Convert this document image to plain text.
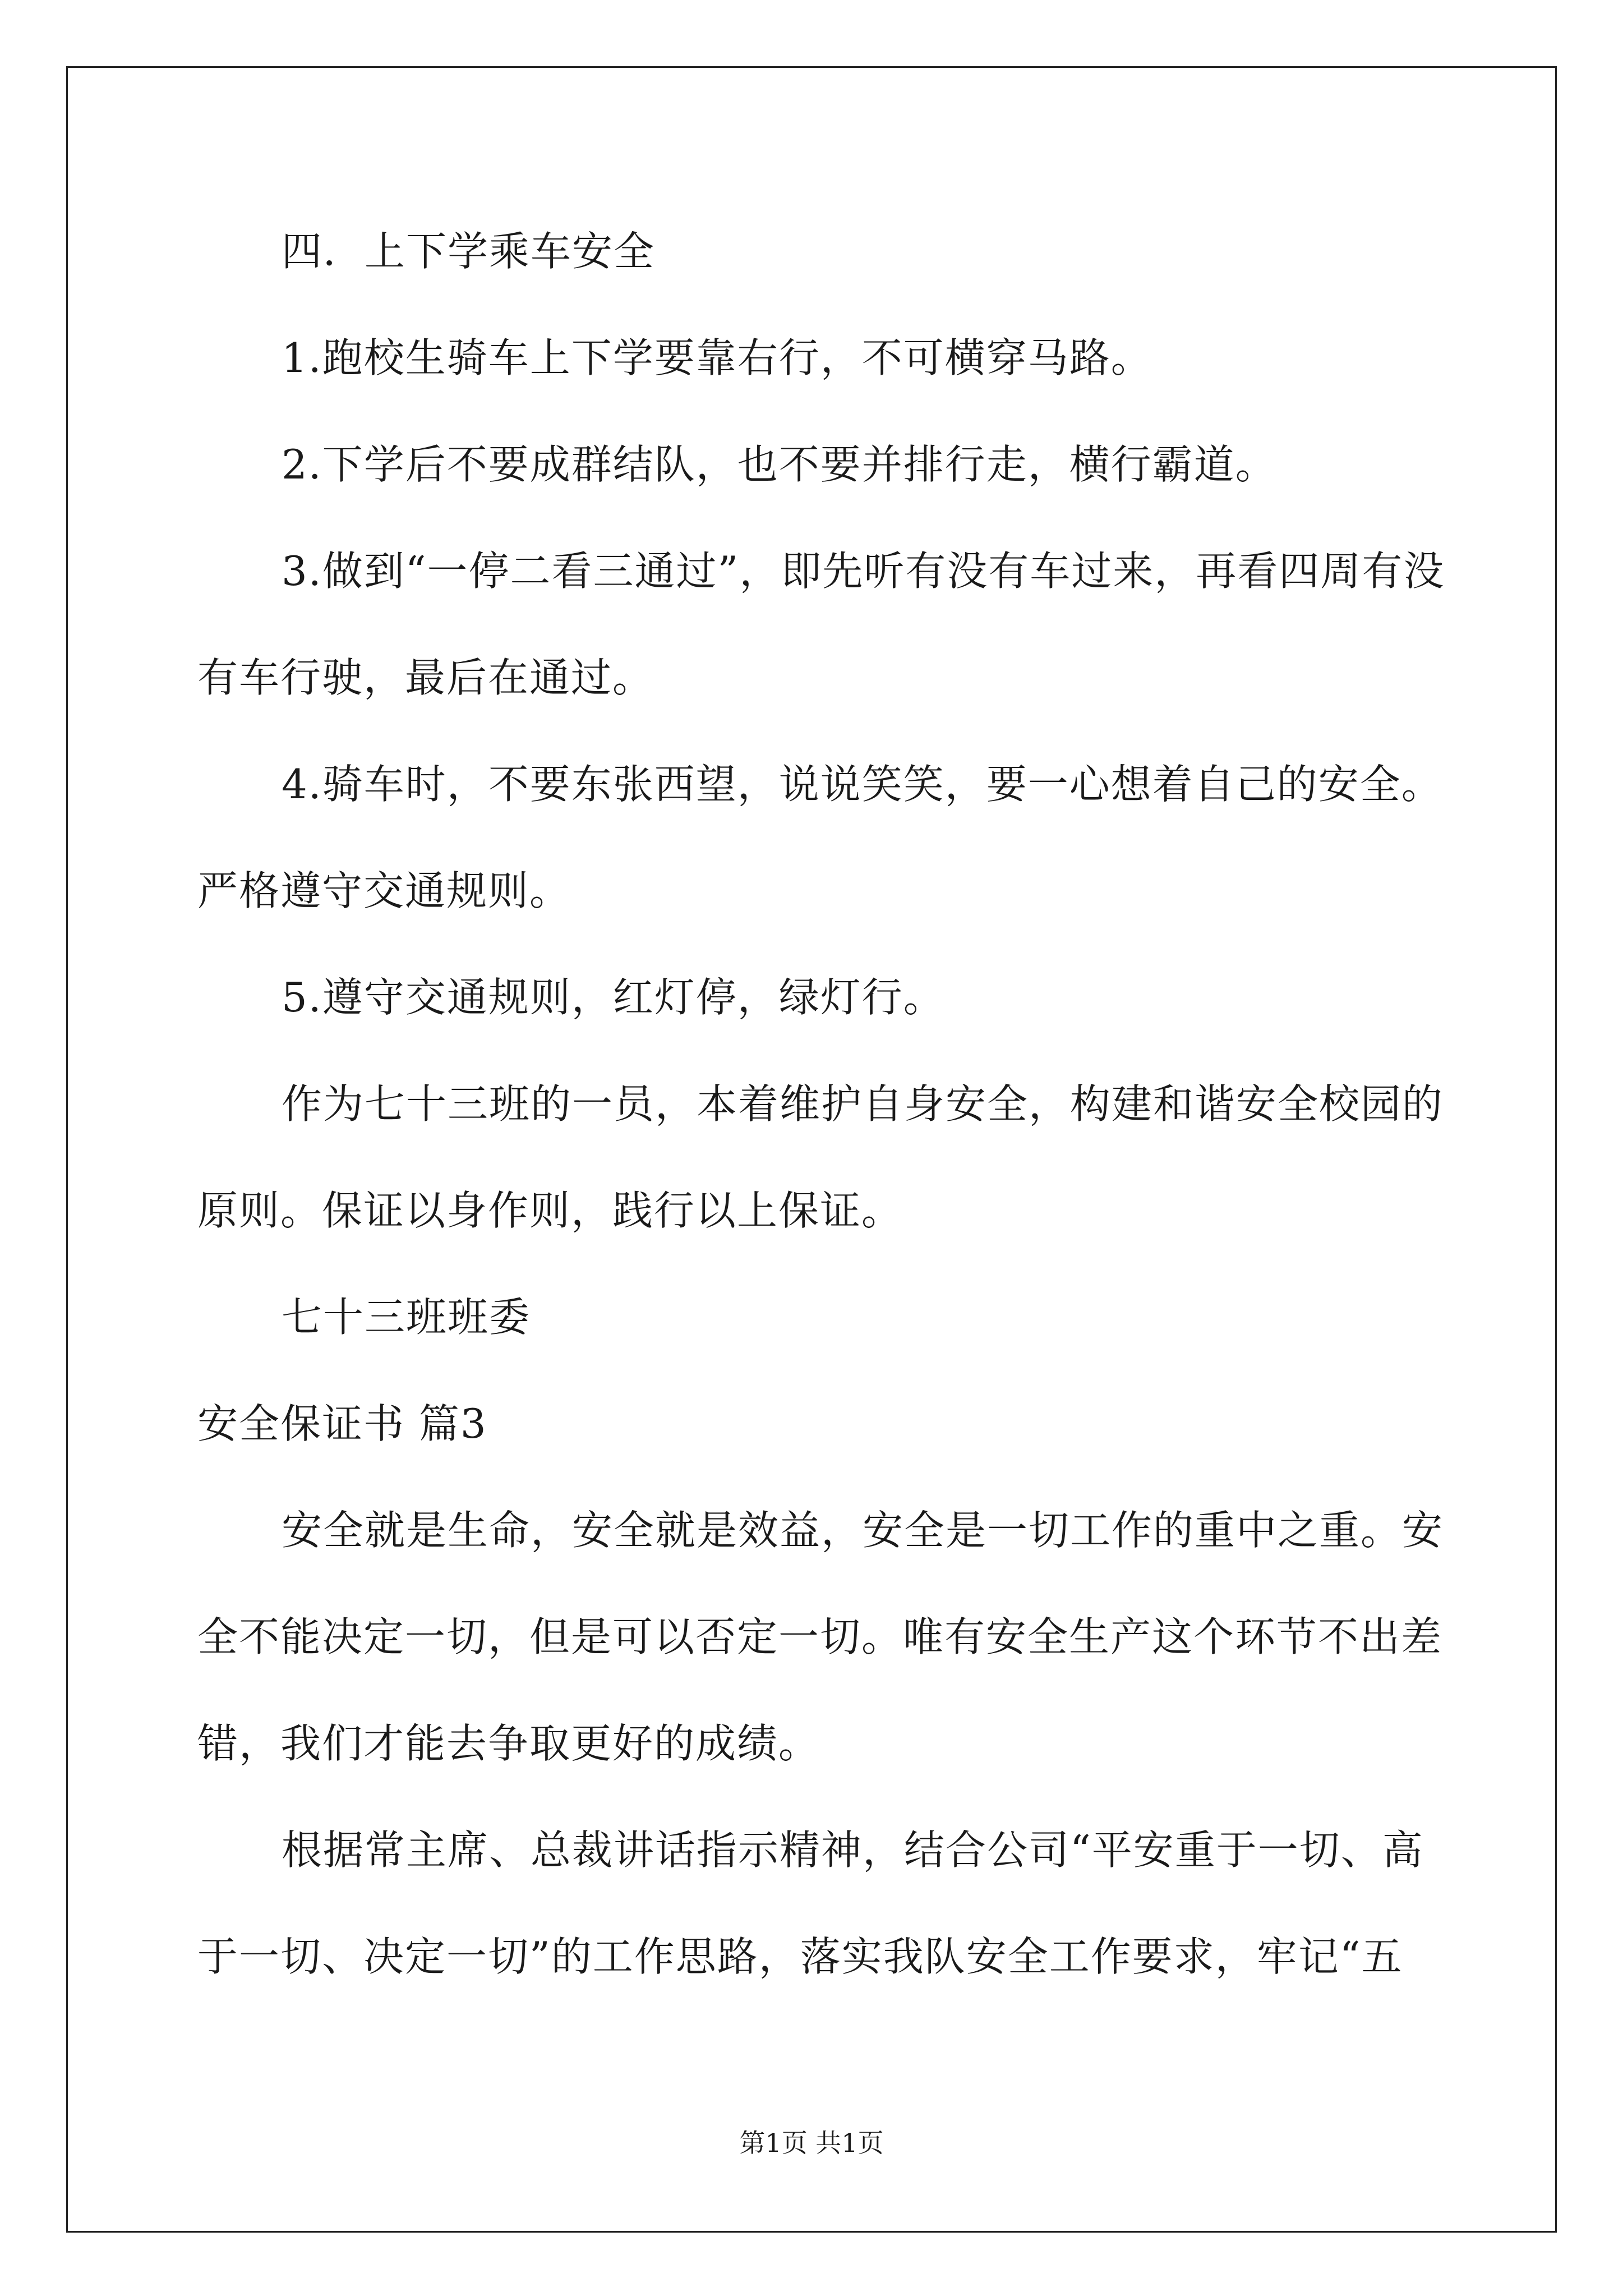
四．上下学乘车安全
1.跑校生骑车上下学要靠右行，不可横穿马路。
2.下学后不要成群结队，也不要并排行走，横行霸道。
3.做到“一停二看三通过”，即先听有没有车过来，再看四周有没
有车行驶，最后在通过。
4.骑车时，不要东张西望，说说笑笑，要一心想着自己的安全。
严格遵守交通规则。
5.遵守交通规则，红灯停，绿灯行。
作为七十三班的一员，本着维护自身安全，构建和谐安全校园的
原则。保证以身作则，践行以上保证。
七十三班班委
安全保证书 篇3
安全就是生命，安全就是效益，安全是一切工作的重中之重。安
全不能决定一切，但是可以否定一切。唯有安全生产这个环节不出差
错，我们才能去争取更好的成绩。
根据常主席、总裁讲话指示精神，结合公司“平安重于一切、高
于一切、决定一切”的工作思路，落实我队安全工作要求，牢记“五
第1页 共1页
